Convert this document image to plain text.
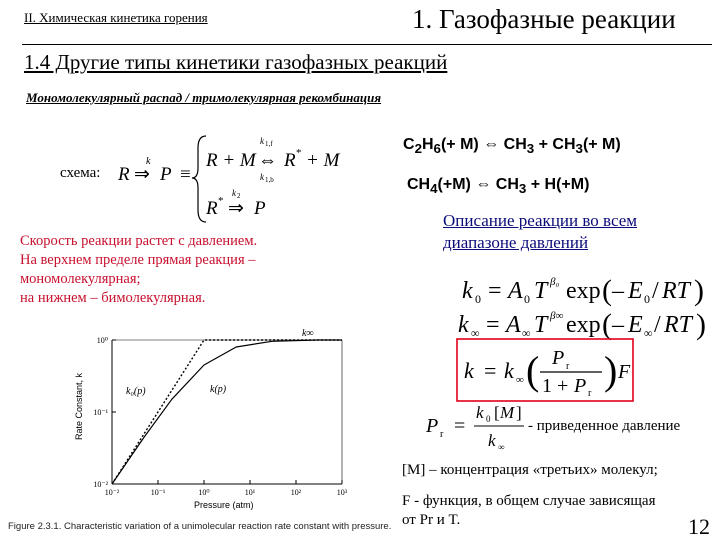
II. Химическая кинетика горения	1. Газофазные реакции
1.4 Другие типы кинетики газофазных реакций
Мономолекулярный распад / тримолекулярная рекомбинация
схема: R
k
⇒ P ≡
R + M
k 1,f
⇔
k 1,b
R * + M
k 2
R * ⇒ P
Скорость реакции растет с давлением.
На верхнем пределе прямая реакция –
мономолекулярная;
на нижнем – бимолекулярная.
$C_2H_6(+ M)$ ⇔ $CH_3 + CH_3(+ M)$
$CH_4(+M)$ ⇔ $CH_3 + H(+M)$
Описание реакции во всем диапазоне давлений
k 0 = A 0 T β₀ exp ( – E 0 / RT )
k ∞ = A ∞ T β∞ exp ( – E ∞ / RT )
k = k ∞ ( P r
1 + P r
) F
P r =
k 0 [ M ]
k ∞
- приведенное давление
[M] – концентрация «третьих» молекул;
F - функция, в общем случае зависящая
от Pr и T.
10⁻²	10⁻¹	10⁰	10¹	10²	10³
10⁰
10⁻¹
10⁻²
k∞
k₀(p)	k(p)
Pressure (atm)
Rate Constant, k
Figure 2.3.1. Characteristic variation of a unimolecular reaction rate constant with pressure.	12
